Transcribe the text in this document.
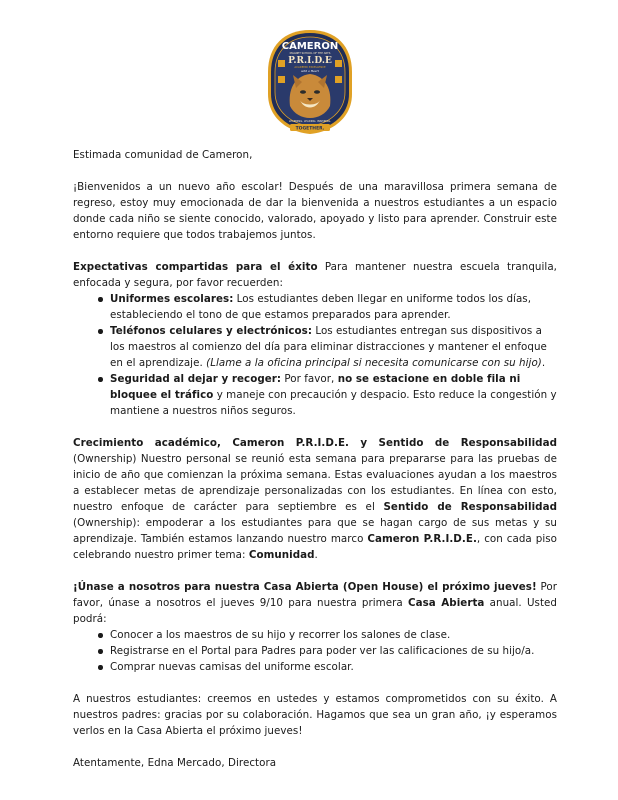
CAMERON
MAGNET SCHOOL OF THE ARTS
P.R.I.D.E
ACADEMIC EXCELLENCE
with a Heart
LEARNING. LEADING. INSPIRING.
TOGETHER.

Estimada comunidad de Cameron,

¡Bienvenidos a un nuevo año escolar! Después de una maravillosa primera semana de regreso, estoy muy emocionada de dar la bienvenida a nuestros estudiantes a un espacio donde cada niño se siente conocido, valorado, apoyado y listo para aprender. Construir este entorno requiere que todos trabajemos juntos.

Expectativas compartidas para el éxito Para mantener nuestra escuela tranquila, enfocada y segura, por favor recuerden:

Uniformes escolares: Los estudiantes deben llegar en uniforme todos los días, estableciendo el tono de que estamos preparados para aprender.
Teléfonos celulares y electrónicos: Los estudiantes entregan sus dispositivos a los maestros al comienzo del día para eliminar distracciones y mantener el enfoque en el aprendizaje. (Llame a la oficina principal si necesita comunicarse con su hijo).
Seguridad al dejar y recoger: Por favor, no se estacione en doble fila ni bloquee el tráfico y maneje con precaución y despacio. Esto reduce la congestión y mantiene a nuestros niños seguros.

Crecimiento académico, Cameron P.R.I.D.E. y Sentido de Responsabilidad (Ownership) Nuestro personal se reunió esta semana para prepararse para las pruebas de inicio de año que comienzan la próxima semana. Estas evaluaciones ayudan a los maestros a establecer metas de aprendizaje personalizadas con los estudiantes. En línea con esto, nuestro enfoque de carácter para septiembre es el Sentido de Responsabilidad (Ownership): empoderar a los estudiantes para que se hagan cargo de sus metas y su aprendizaje. También estamos lanzando nuestro marco Cameron P.R.I.D.E., con cada piso celebrando nuestro primer tema: Comunidad.

¡Únase a nosotros para nuestra Casa Abierta (Open House) el próximo jueves! Por favor, únase a nosotros el jueves 9/10 para nuestra primera Casa Abierta anual. Usted podrá:

Conocer a los maestros de su hijo y recorrer los salones de clase.
Registrarse en el Portal para Padres para poder ver las calificaciones de su hijo/a.
Comprar nuevas camisas del uniforme escolar.

A nuestros estudiantes: creemos en ustedes y estamos comprometidos con su éxito. A nuestros padres: gracias por su colaboración. Hagamos que sea un gran año, ¡y esperamos verlos en la Casa Abierta el próximo jueves!

Atentamente, Edna Mercado, Directora
